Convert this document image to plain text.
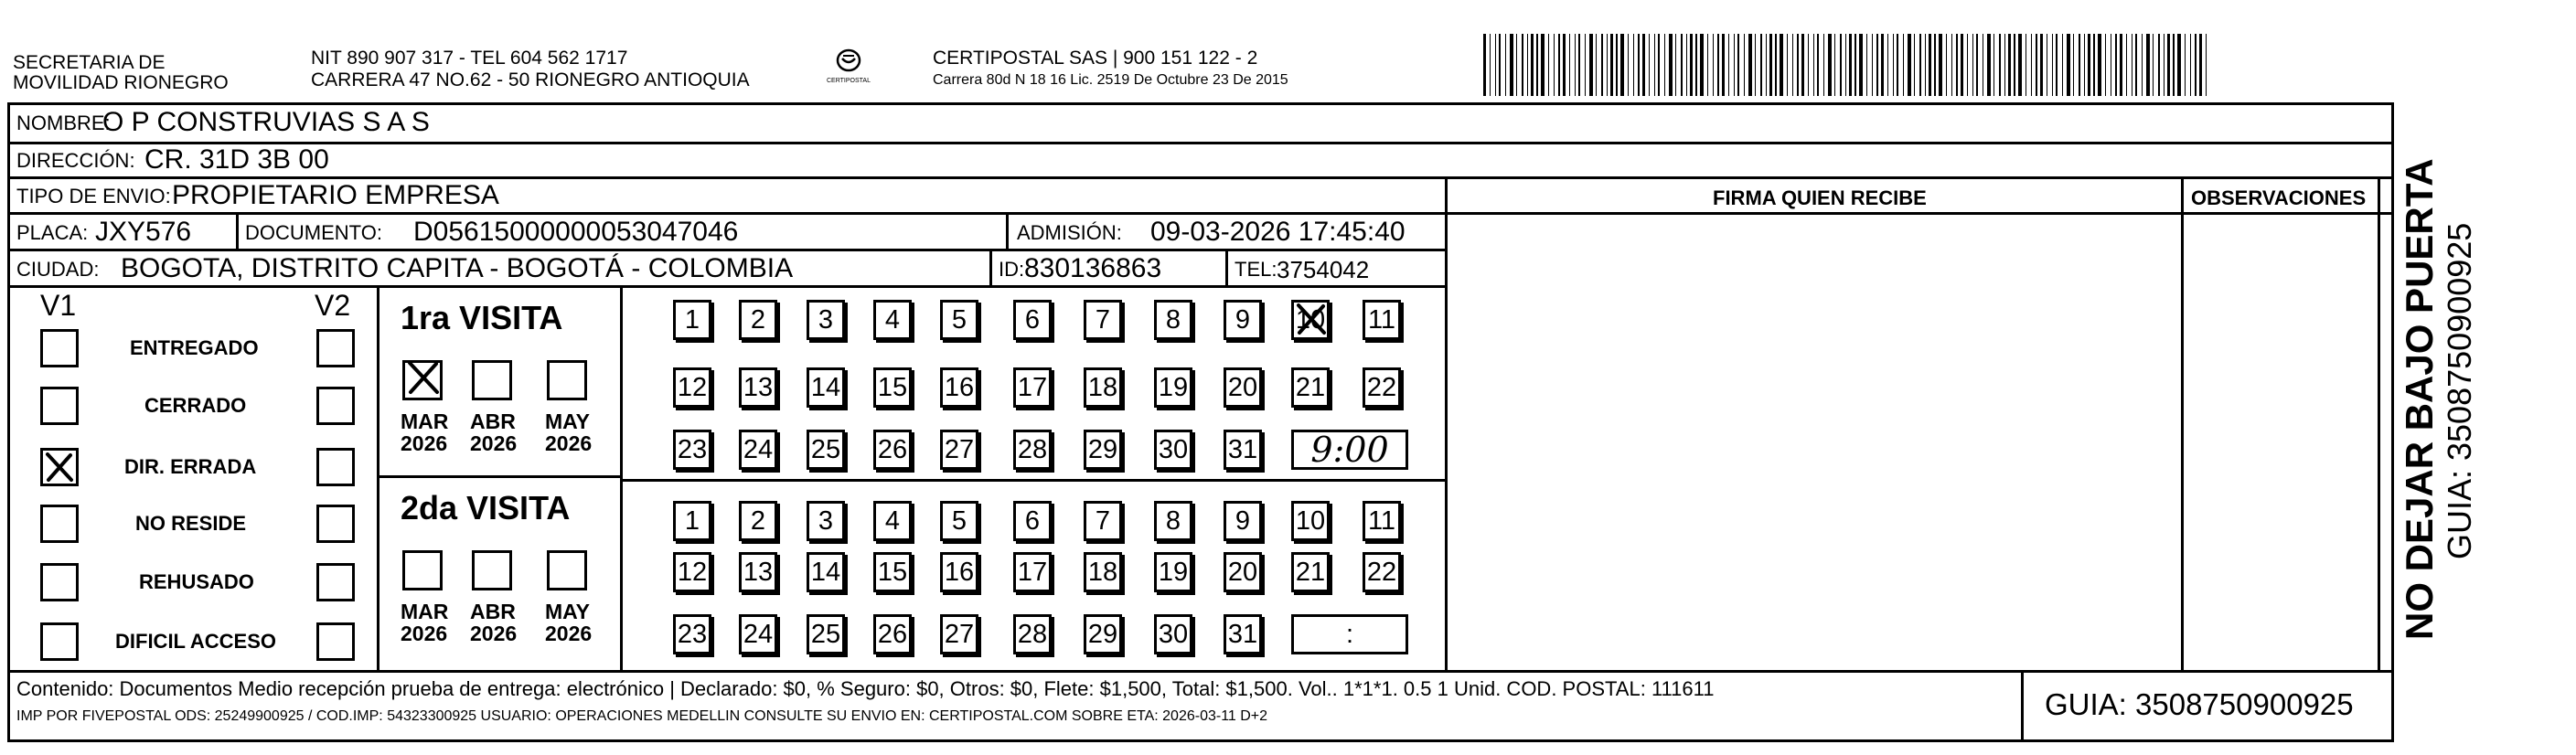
SECRETARIA DE
MOVILIDAD RIONEGRO
NIT 890 907 317 - TEL 604 562 1717
CARRERA 47 NO.62 - 50 RIONEGRO ANTIOQUIA	CERTIPOSTAL
CERTIPOSTAL SAS | 900 151 122 - 2
Carrera 80d N 18 16 Lic. 2519 De Octubre 23 De 2015
NOMBRE:
O P CONSTRUVIAS S A S
DIRECCIÓN: CR. 31D 3B 00
TIPO DE ENVIO: PROPIETARIO EMPRESA	FIRMA QUIEN RECIBE	OBSERVACIONES
PLACA: JXY576	DOCUMENTO: D05615000000053047046	ADMISIÓN: 09-03-2026 17:45:40
CIUDAD: BOGOTA, DISTRITO CAPITA - BOGOTÁ - COLOMBIA	ID: 830136863	TEL: 3754042
V1	V2
ENTREGADO
CERRADO
DIR. ERRADA
NO RESIDE
REHUSADO
DIFICIL ACCESO
1ra VISITA
MAR
2026
ABR
2026
MAY
2026
1	2	3	4	5	6	7	8	9	10 11
12 13 14 15 16 17 18 19 20 21 22
23 24 25 26 27 28 29 30 31	9:00
2da VISITA
MAR
2026
ABR
2026
MAY
2026
1	2	3	4	5	6	7	8	9	10 11
12 13 14 15 16 17 18 19 20 21 22
23 24 25 26 27 28 29 30 31	:	NO DEJAR BAJO PUERTA GUIA: 3508750900925
Contenido: Documentos Medio recepción prueba de entrega: electrónico | Declarado: $0, % Seguro: $0, Otros: $0, Flete: $1,500, Total: $1,500. Vol.. 1*1*1. 0.5 1 Unid. COD. POSTAL: 111611
IMP POR FIVEPOSTAL ODS: 25249900925 / COD.IMP: 54323300925 USUARIO: OPERACIONES MEDELLIN CONSULTE SU ENVIO EN: CERTIPOSTAL.COM SOBRE ETA: 2026-03-11 D+2	GUIA: 3508750900925
